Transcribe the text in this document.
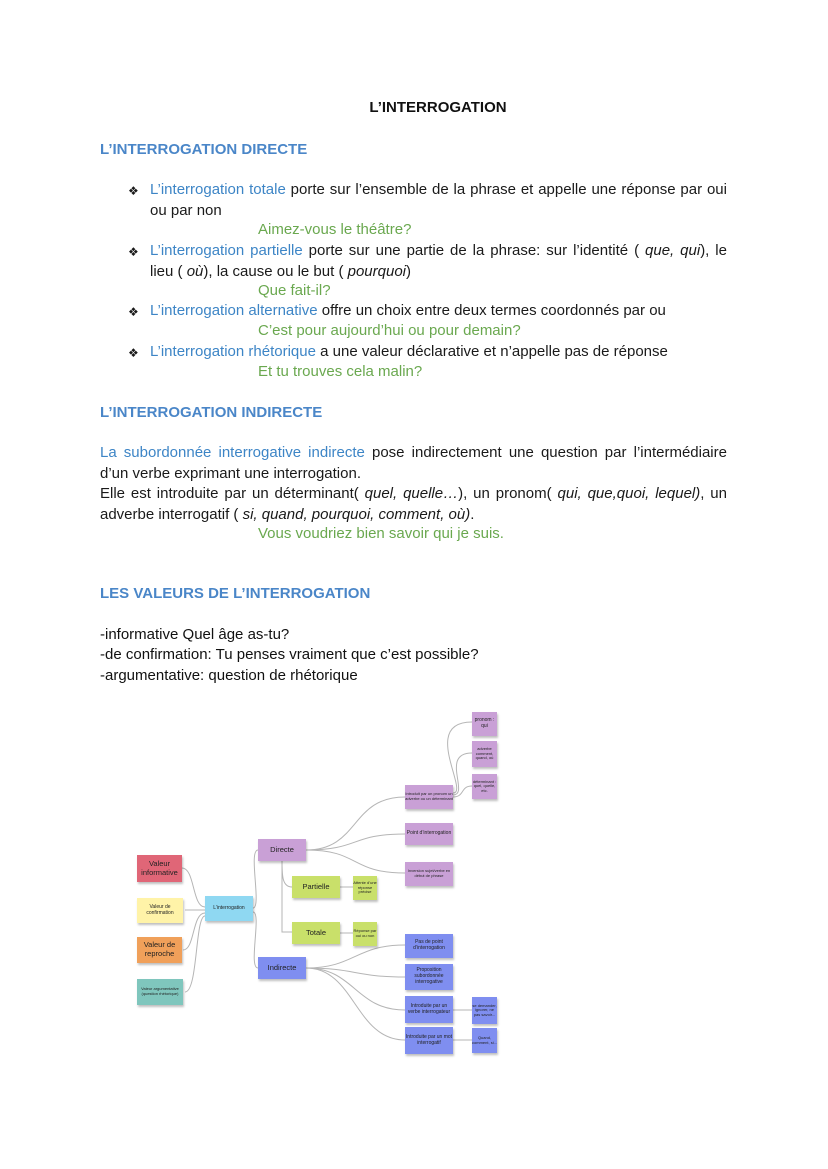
L’INTERROGATION
L’INTERROGATION DIRECTE
❖ L’interrogation totale porte sur l’ensemble de la phrase et appelle une réponse par oui ou par non
Aimez-vous le théâtre?
❖ L’interrogation partielle porte sur une partie de la phrase: sur l’identité ( que, qui), le lieu ( où), la cause ou le but ( pourquoi)
Que fait-il?
❖ L’interrogation alternative offre un choix entre deux termes coordonnés par ou
C’est pour aujourd’hui ou pour demain?
❖ L’interrogation rhétorique a une valeur déclarative et n’appelle pas de réponse
Et tu trouves cela malin?
L’INTERROGATION INDIRECTE
La subordonnée interrogative indirecte pose indirectement une question par l’intermédiaire d’un verbe exprimant une interrogation.
Elle est introduite par un déterminant( quel, quelle…), un pronom( qui, que,quoi, lequel), un adverbe interrogatif ( si, quand, pourquoi, comment, où).
Vous voudriez bien savoir qui je suis.
LES VALEURS DE L’INTERROGATION
-informative Quel âge as-tu?
-de confirmation: Tu penses vraiment que c’est possible?
-argumentative: question de rhétorique
Valeur informative
Valeur de confirmation
Valeur de reproche
Valeur argumentative (question rhétorique)
L’interrogation
Directe
Partielle	Attente d’une réponse précise
Totale	Réponse par oui ou non
Introduit par un pronom un adverbe ou un déterminant
Point d’interrogation
Inversion sujet/verbe en début de phrase
pronom : qui
adverbe comment, quand, où
déterminant : quel, quelle, etc.
Indirecte
Pas de point d’interrogation
Proposition subordonnée interrogative
Introduite par un verbe interrogateur
Introduite par un mot interrogatif
se demander, ignorer, ne pas savoir...
Quand, comment, si...
